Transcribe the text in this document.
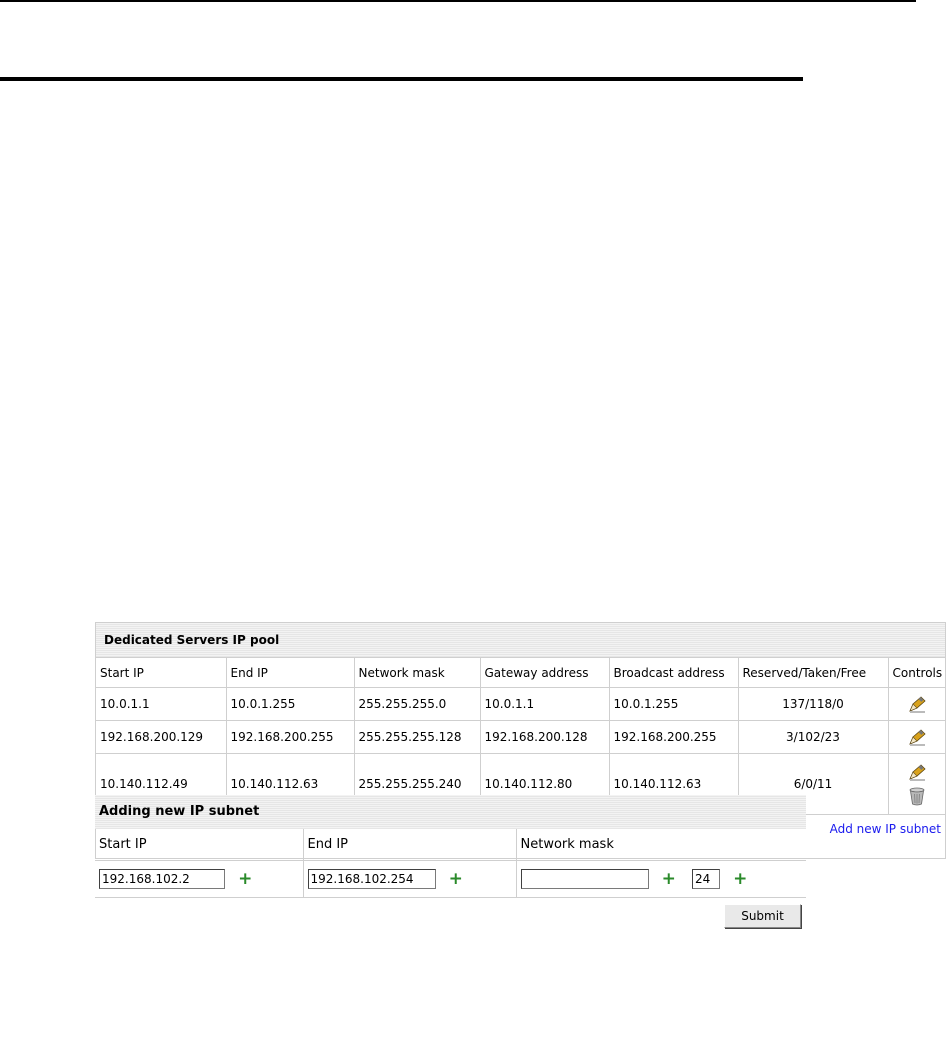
Dedicated Servers IP pool
Start IP	End IP	Network mask	Gateway address	Broadcast address	Reserved/Taken/Free	Controls
10.0.1.1	10.0.1.255	255.255.255.0	10.0.1.1	10.0.1.255	137/118/0	
192.168.200.129	192.168.200.255	255.255.255.128	192.168.200.128	192.168.200.255	3/102/23	
10.140.112.49	10.140.112.63	255.255.255.240	10.140.112.80	10.140.112.63	6/0/11	
Add new IP subnet
Adding new IP subnet
Start IP	End IP	Network mask
192.168.102.2 +	192.168.102.254+	+ 24 +
Submit
